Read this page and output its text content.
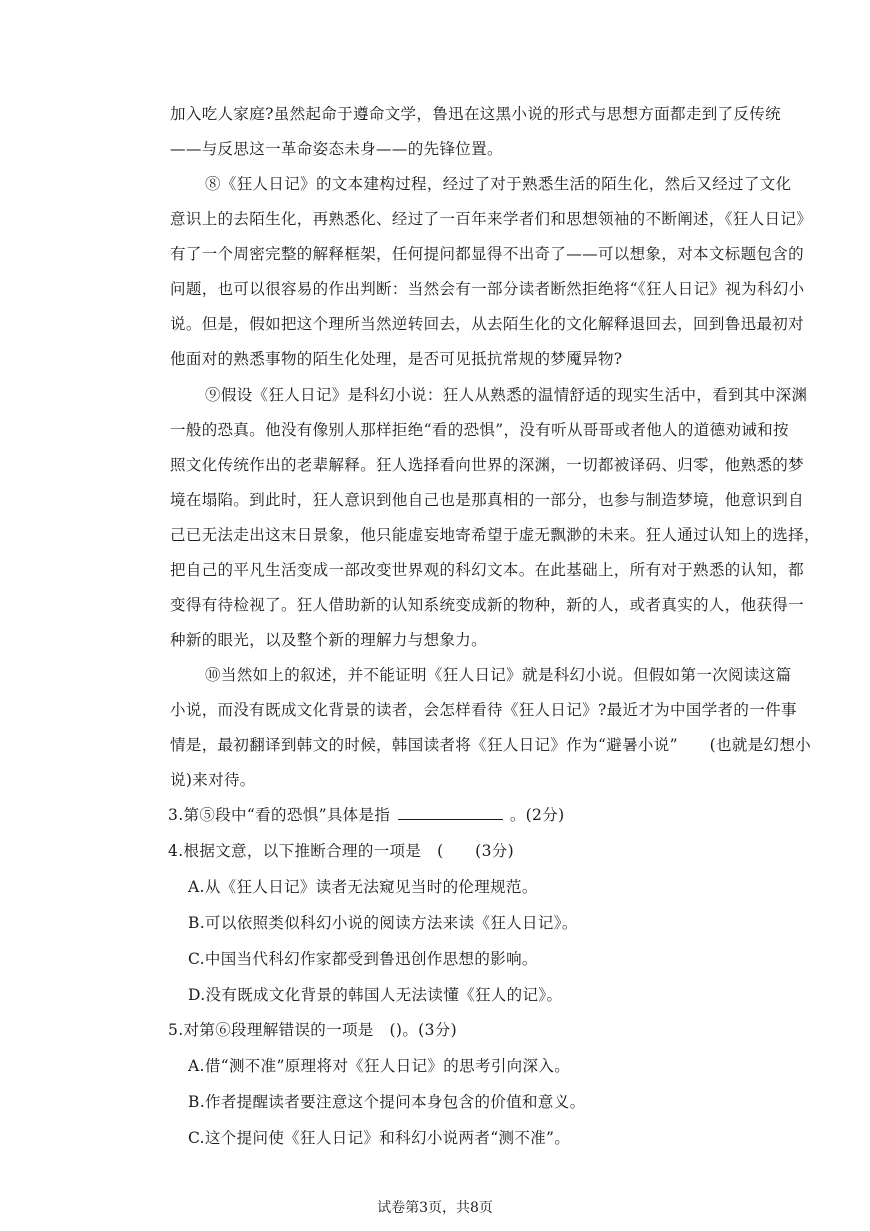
加入吃人家庭?虽然起命于遵命文学，鲁迅在这黑小说的形式与思想方面都走到了反传统
——与反思这一革命姿态未身——的先锋位置。
⑧《狂人日记》的文本建构过程，经过了对于熟悉生活的陌生化，然后又经过了文化
意识上的去陌生化，再熟悉化、经过了一百年来学者们和思想领袖的不断阐述，《狂人日记》
有了一个周密完整的解释框架，任何提问都显得不出奇了——可以想象，对本文标题包含的
问题，也可以很容易的作出判断：当然会有一部分读者断然拒绝将“《狂人日记》视为科幻小
说。但是，假如把这个理所当然逆转回去，从去陌生化的文化解释退回去，回到鲁迅最初对
他面对的熟悉事物的陌生化处理，是否可见抵抗常规的梦魇异物?
⑨假设《狂人日记》是科幻小说：狂人从熟悉的温情舒适的现实生活中，看到其中深渊
一般的恐真。他没有像别人那样拒绝“看的恐惧”，没有听从哥哥或者他人的道德劝诫和按
照文化传统作出的老辈解释。狂人选择看向世界的深渊，一切都被译码、归零，他熟悉的梦
境在塌陷。到此时，狂人意识到他自己也是那真相的一部分，也参与制造梦境，他意识到自
己已无法走出这末日景象，他只能虚妄地寄希望于虚无飘渺的未来。狂人通过认知上的选择，
把自己的平凡生活变成一部改变世界观的科幻文本。在此基础上，所有对于熟悉的认知，都
变得有待检视了。狂人借助新的认知系统变成新的物种，新的人，或者真实的人，他获得一
种新的眼光，以及整个新的理解力与想象力。
⑩当然如上的叙述，并不能证明《狂人日记》就是科幻小说。但假如第一次阅读这篇
小说，而没有既成文化背景的读者，会怎样看待《狂人日记》?最近才为中国学者的一件事
情是，最初翻译到韩文的时候，韩国读者将《狂人日记》作为“避暑小说”　　(也就是幻想小
说)来对待。
3.第⑤段中“看的恐惧”具体是指	。(2分)
4.根据文意，以下推断合理的一项是　(　　(3分)
A.从《狂人日记》读者无法窥见当时的伦理规范。
B.可以依照类似科幻小说的阅读方法来读《狂人日记》。
C.中国当代科幻作家都受到鲁迅创作思想的影响。
D.没有既成文化背景的韩国人无法读懂《狂人的记》。
5.对第⑥段理解错误的一项是　()。(3分)
A.借“测不准”原理将对《狂人日记》的思考引向深入。
B.作者提醒读者要注意这个提问本身包含的价值和意义。
C.这个提问使《狂人日记》和科幻小说两者“测不准”。
试卷第3页，共8页
